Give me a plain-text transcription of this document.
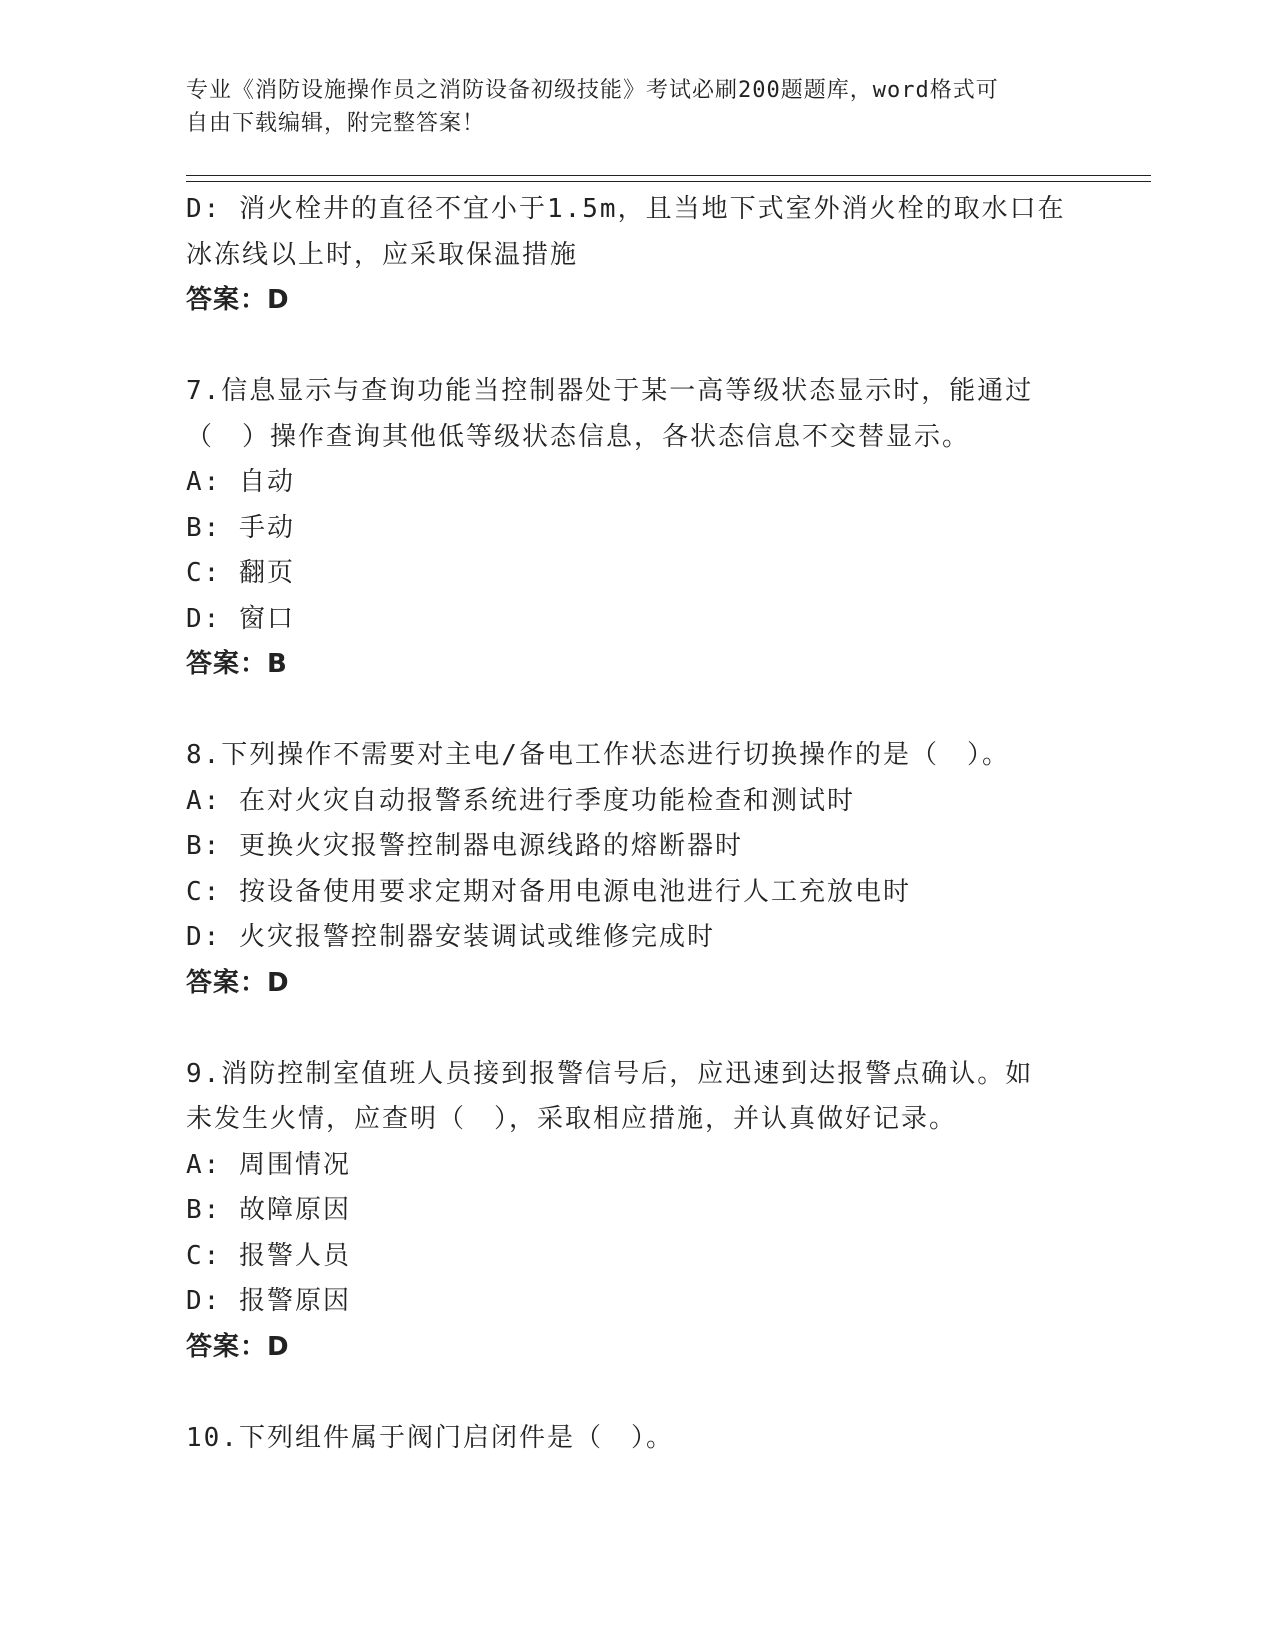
专业《消防设施操作员之消防设备初级技能》考试必刷200题题库，word格式可
自由下载编辑，附完整答案！
D: 消火栓井的直径不宜小于1.5m，且当地下式室外消火栓的取水口在
冰冻线以上时，应采取保温措施
答案：D
7.信息显示与查询功能当控制器处于某一高等级状态显示时，能通过
（　）操作查询其他低等级状态信息，各状态信息不交替显示。
A: 自动
B: 手动
C: 翻页
D: 窗口
答案：B
8.下列操作不需要对主电/备电工作状态进行切换操作的是（　）。
A: 在对火灾自动报警系统进行季度功能检查和测试时
B: 更换火灾报警控制器电源线路的熔断器时
C: 按设备使用要求定期对备用电源电池进行人工充放电时
D: 火灾报警控制器安装调试或维修完成时
答案：D
9.消防控制室值班人员接到报警信号后，应迅速到达报警点确认。如
未发生火情，应查明（　），采取相应措施，并认真做好记录。
A: 周围情况
B: 故障原因
C: 报警人员
D: 报警原因
答案：D
10.下列组件属于阀门启闭件是（　）。
